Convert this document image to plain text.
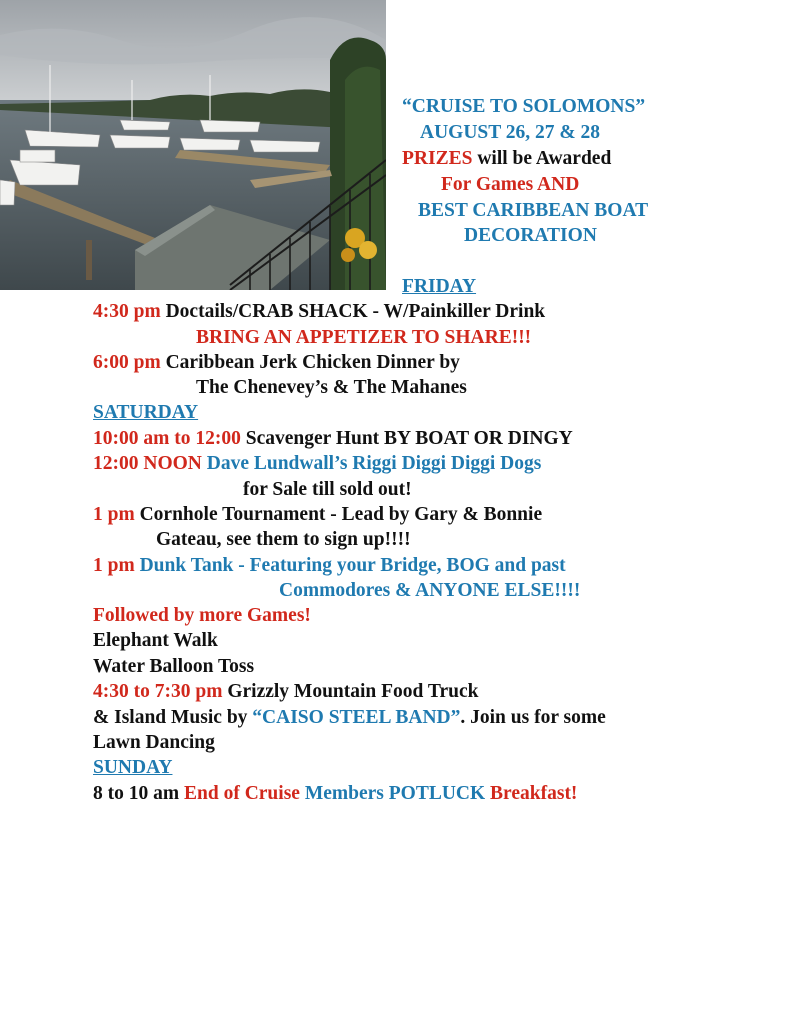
“CRUISE TO SOLOMONS”
AUGUST 26, 27 & 28
PRIZES will be Awarded
For Games AND
BEST CARIBBEAN BOAT
DECORATION
FRIDAY
4:30 pm Doctails/CRAB SHACK - W/Painkiller Drink
BRING AN APPETIZER TO SHARE!!!
6:00 pm Caribbean Jerk Chicken Dinner by
The Chenevey’s & The Mahanes
SATURDAY
10:00 am to 12:00 Scavenger Hunt BY BOAT OR DINGY
12:00 NOON Dave Lundwall’s Riggi Diggi Diggi Dogs
for Sale till sold out!
1 pm Cornhole Tournament - Lead by Gary & Bonnie
Gateau, see them to sign up!!!!
1 pm Dunk Tank - Featuring your Bridge, BOG and past
Commodores & ANYONE ELSE!!!!
Followed by more Games!
Elephant Walk
Water Balloon Toss
4:30 to 7:30 pm Grizzly Mountain Food Truck
& Island Music by “CAISO STEEL BAND”. Join us for some
Lawn Dancing
SUNDAY
8 to 10 am End of Cruise Members POTLUCK Breakfast!
